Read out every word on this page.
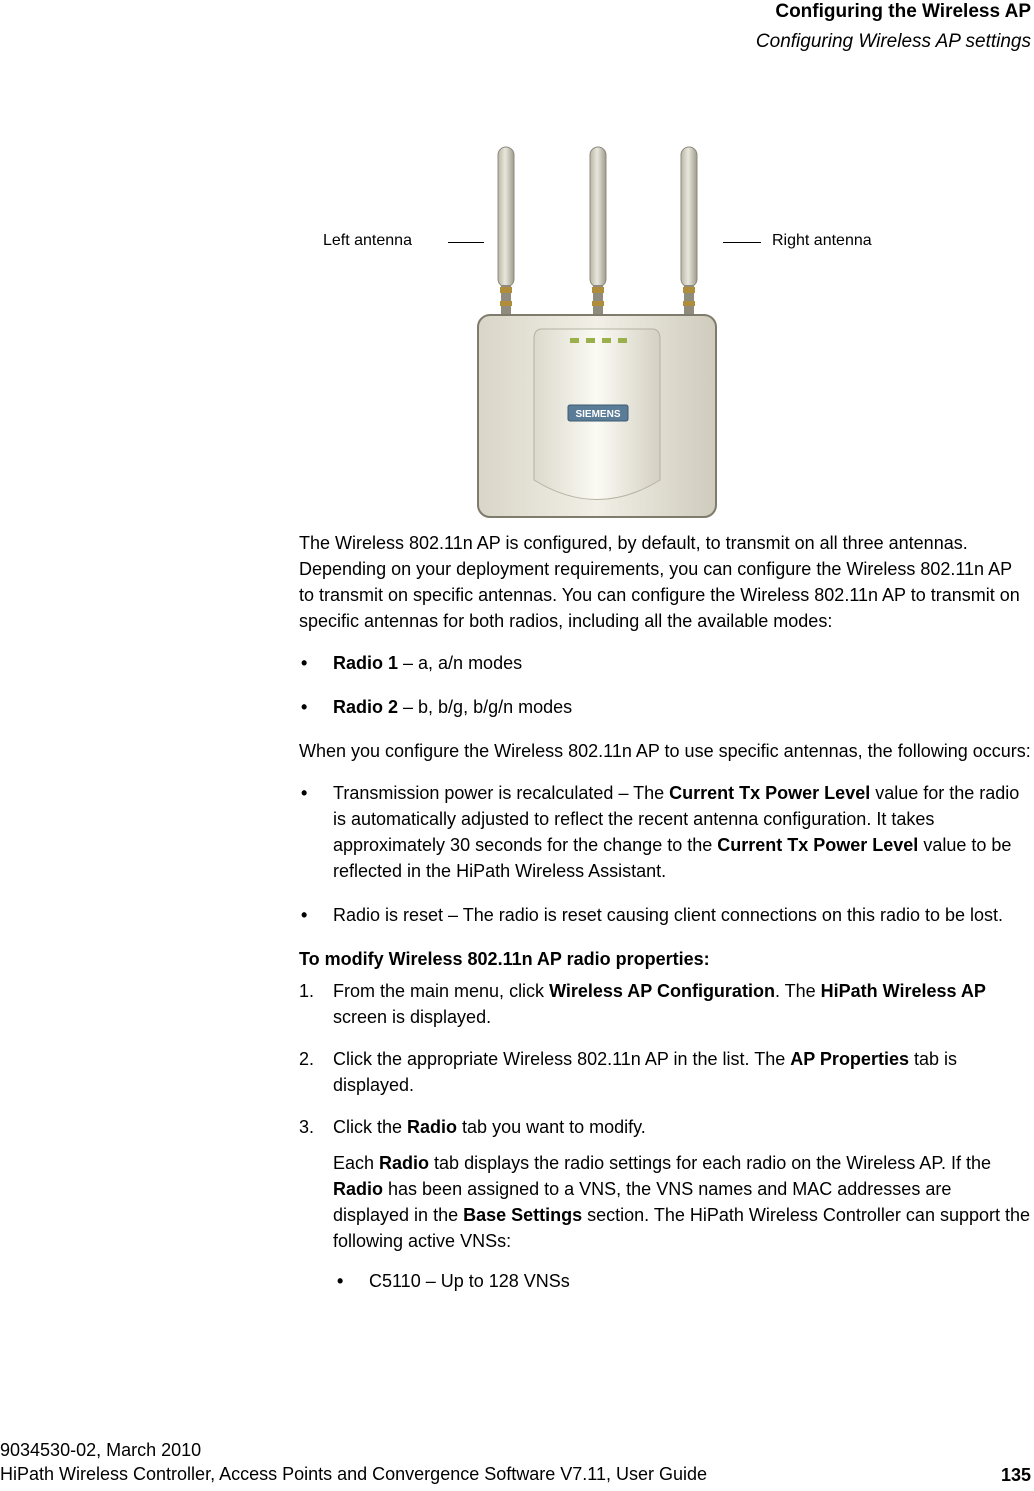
Configuring the Wireless AP
Configuring Wireless AP settings
Left antenna	Right antenna
SIEMENS

The Wireless 802.11n AP is configured, by default, to transmit on all three antennas. Depending on your deployment requirements, you can configure the Wireless 802.11n AP to transmit on specific antennas. You can configure the Wireless 802.11n AP to transmit on specific antennas for both radios, including all the available modes:

• Radio 1 – a, a/n modes
• Radio 2 – b, b/g, b/g/n modes

When you configure the Wireless 802.11n AP to use specific antennas, the following occurs:

• Transmission power is recalculated – The Current Tx Power Level value for the radio is automatically adjusted to reflect the recent antenna configuration. It takes approximately 30 seconds for the change to the Current Tx Power Level value to be reflected in the HiPath Wireless Assistant.
• Radio is reset – The radio is reset causing client connections on this radio to be lost.

To modify Wireless 802.11n AP radio properties:

1. From the main menu, click Wireless AP Configuration. The HiPath Wireless AP screen is displayed.
2. Click the appropriate Wireless 802.11n AP in the list. The AP Properties tab is displayed.
3. Click the Radio tab you want to modify.

Each Radio tab displays the radio settings for each radio on the Wireless AP. If the Radio has been assigned to a VNS, the VNS names and MAC addresses are displayed in the Base Settings section. The HiPath Wireless Controller can support the following active VNSs:

• C5110 – Up to 128 VNSs
9034530-02, March 2010
HiPath Wireless Controller, Access Points and Convergence Software V7.11, User Guide	135
